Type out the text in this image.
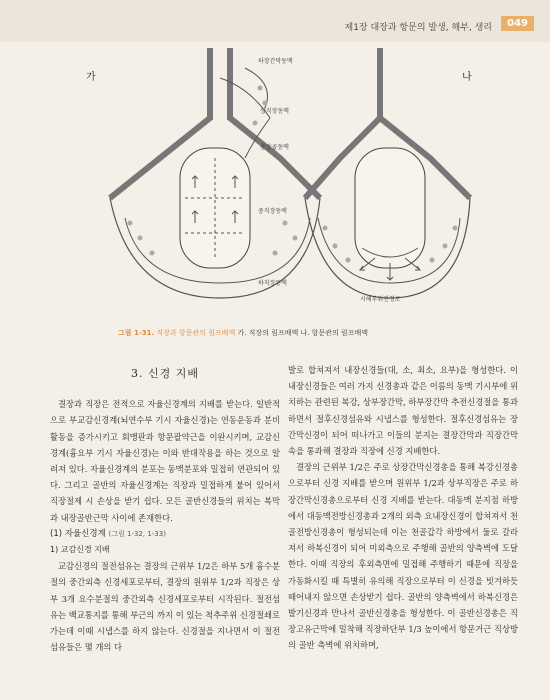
제1장 대장과 항문의 발생, 해부, 생리	049
가	나
하장간막동맥
상직장동맥
총장골동맥
중직장동맥
하직장동맥
시해부위진정로
그림 1-31. 직장과 항문관의 림프배액 가. 직장의 림프배액 나. 항문관의 림프배액
3. 신경 지배

결장과 직장은 전적으로 자율신경계의 지배를 받는다. 일반적으로 부교감신경계(뇌연수부 기시 자율신경)는 연동운동과 분비활동을 증가시키고 회맹판과 항문괄약근을 이완시키며, 교감신경계(흉요부 기시 자율신경)는 이와 반대작용을 하는 것으로 알려져 있다. 자율신경계의 분포는 동맥분포와 밀접히 연관되어 있다. 그리고 골반의 자율신경계는 직장과 밀접하게 붙어 있어서 직장절제 시 손상을 받기 쉽다. 모든 골반신경들의 위치는 복막과 내장골반근막 사이에 존재한다.

(1) 자율신경계 (그림 1-32, 1-33)

1) 교감신경 지배

교감신경의 절전섬유는 결장의 근위부 1/2은 하부 5개 흉수분절의 중간외측 신경세포로부터, 결장의 원위부 1/2과 직장은 상부 3개 요수분절의 중간외측 신경세포로부터 시작된다. 절전섬유는 백교통지를 통해 부근의 까지 이 있는 척추주위 신경절쇄로 가는데 이때 시냅스를 하지 않는다. 신경절을 지나면서 이 절전섬유들은 몇 개의 다

발로 합쳐져서 내장신경들(대, 소, 최소, 요부)을 형성한다. 이 내장신경들은 여러 가지 신경총과 같은 이름의 동맥 기시부에 위치하는 관련된 복강, 상부장간막, 하부장간막 추전신경절을 통과하면서 절후신경섬유와 시냅스를 형성한다. 절후신경섬유는 장간막신경이 되어 떠나가고 이들의 분지는 결장간막과 직장간막 속을 통과해 결장과 직장에 신경 지배한다.

결장의 근위부 1/2은 주로 상장간막신경총을 통해 복강신경총으로부터 신경 지배를 받으며 원위부 1/2과 상부직장은 주로 하장간막신경총으로부터 신경 지배를 받는다. 대동맥 분지점 하방에서 대동맥전방신경총과 2개의 외측 요내장신경이 합쳐져서 천골전방신경총이 형성되는데 이는 천골갑각 하방에서 둘로 갈라져서 하복신경이 되어 미외측으로 주행해 골반의 양측벽에 도달한다. 이때 직장의 후외측면에 밀접해 주행하기 때문에 직장을 가동화시킬 때 특별히 유의해 직장으로부터 이 신경을 빗겨하듯 떼어내지 않으면 손상받기 쉽다. 골반의 양측벽에서 하복신경은 발기신경과 만나서 골반신경총을 형성한다. 이 골반신경총은 직장고유근막에 밀착해 직장하단부 1/3 높이에서 항문거근 직상방의 골반 측벽에 위치하며,
